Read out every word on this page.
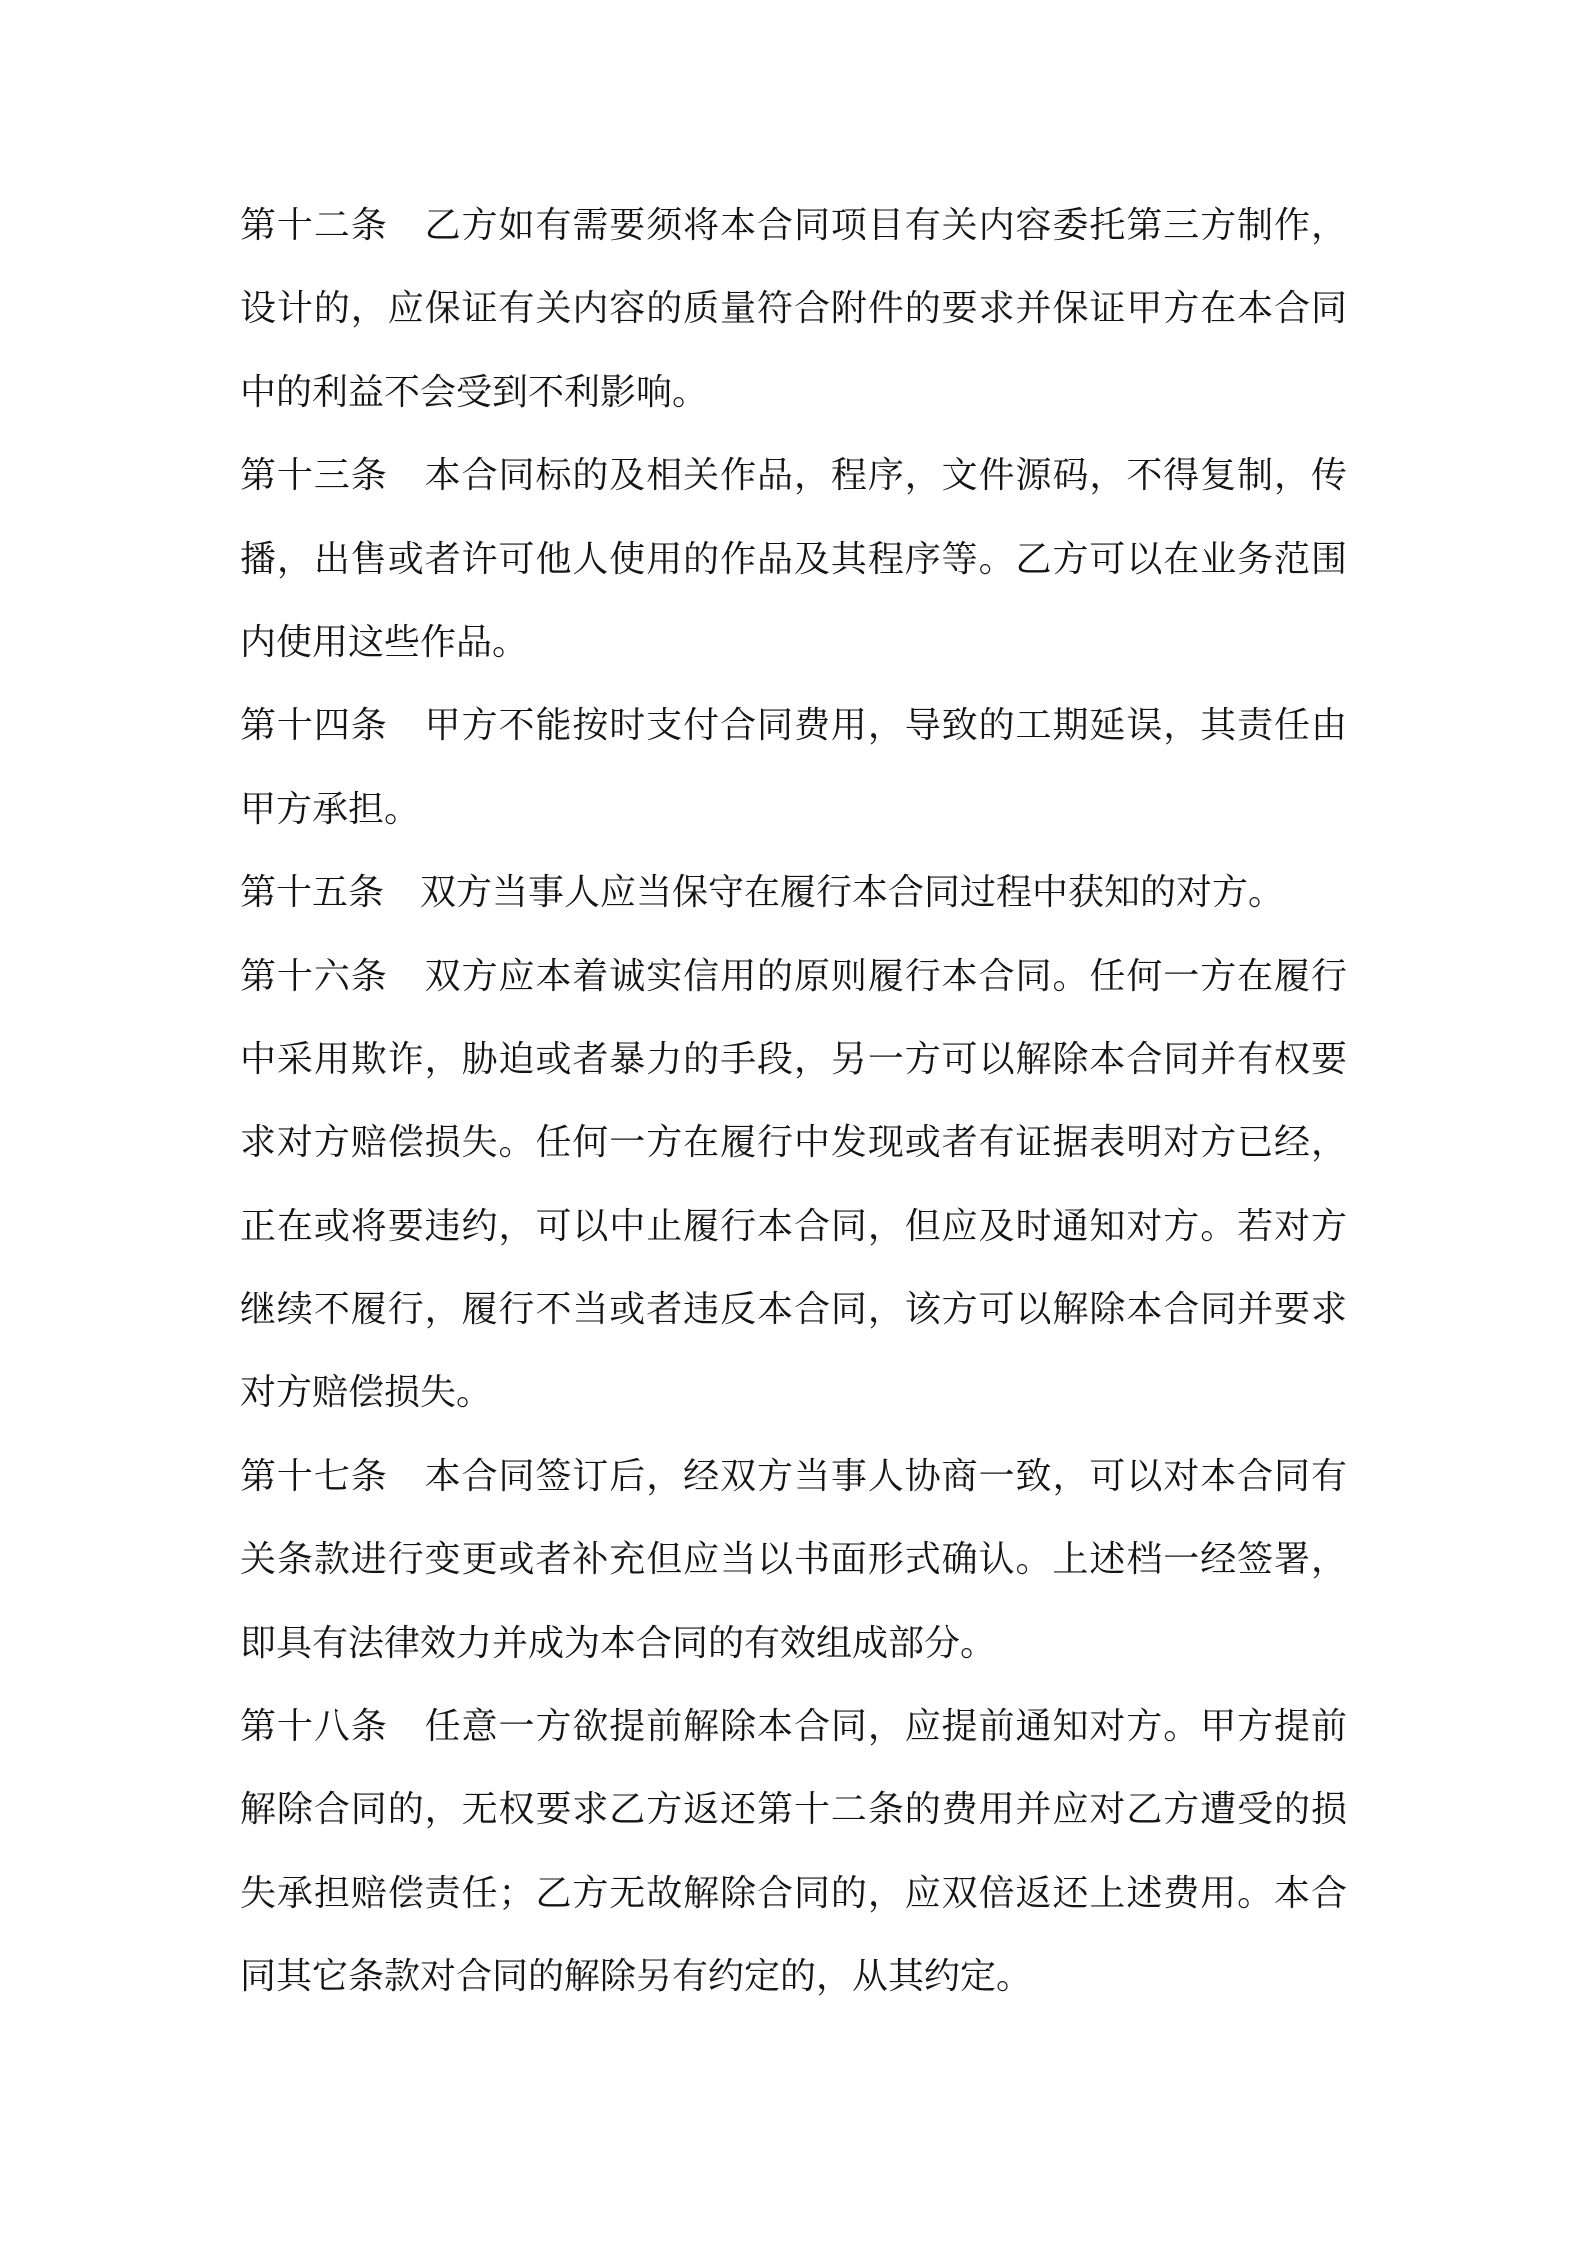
第十二条　乙方如有需要须将本合同项目有关内容委托第三方制作，
设计的，应保证有关内容的质量符合附件的要求并保证甲方在本合同
中的利益不会受到不利影响。
第十三条　本合同标的及相关作品，程序，文件源码，不得复制，传
播，出售或者许可他人使用的作品及其程序等。乙方可以在业务范围
内使用这些作品。
第十四条　甲方不能按时支付合同费用，导致的工期延误，其责任由
甲方承担。
第十五条　双方当事人应当保守在履行本合同过程中获知的对方。
第十六条　双方应本着诚实信用的原则履行本合同。任何一方在履行
中采用欺诈，胁迫或者暴力的手段，另一方可以解除本合同并有权要
求对方赔偿损失。任何一方在履行中发现或者有证据表明对方已经，
正在或将要违约，可以中止履行本合同，但应及时通知对方。若对方
继续不履行，履行不当或者违反本合同，该方可以解除本合同并要求
对方赔偿损失。
第十七条　本合同签订后，经双方当事人协商一致，可以对本合同有
关条款进行变更或者补充但应当以书面形式确认。上述档一经签署，
即具有法律效力并成为本合同的有效组成部分。
第十八条　任意一方欲提前解除本合同，应提前通知对方。甲方提前
解除合同的，无权要求乙方返还第十二条的费用并应对乙方遭受的损
失承担赔偿责任；乙方无故解除合同的，应双倍返还上述费用。本合
同其它条款对合同的解除另有约定的，从其约定。
